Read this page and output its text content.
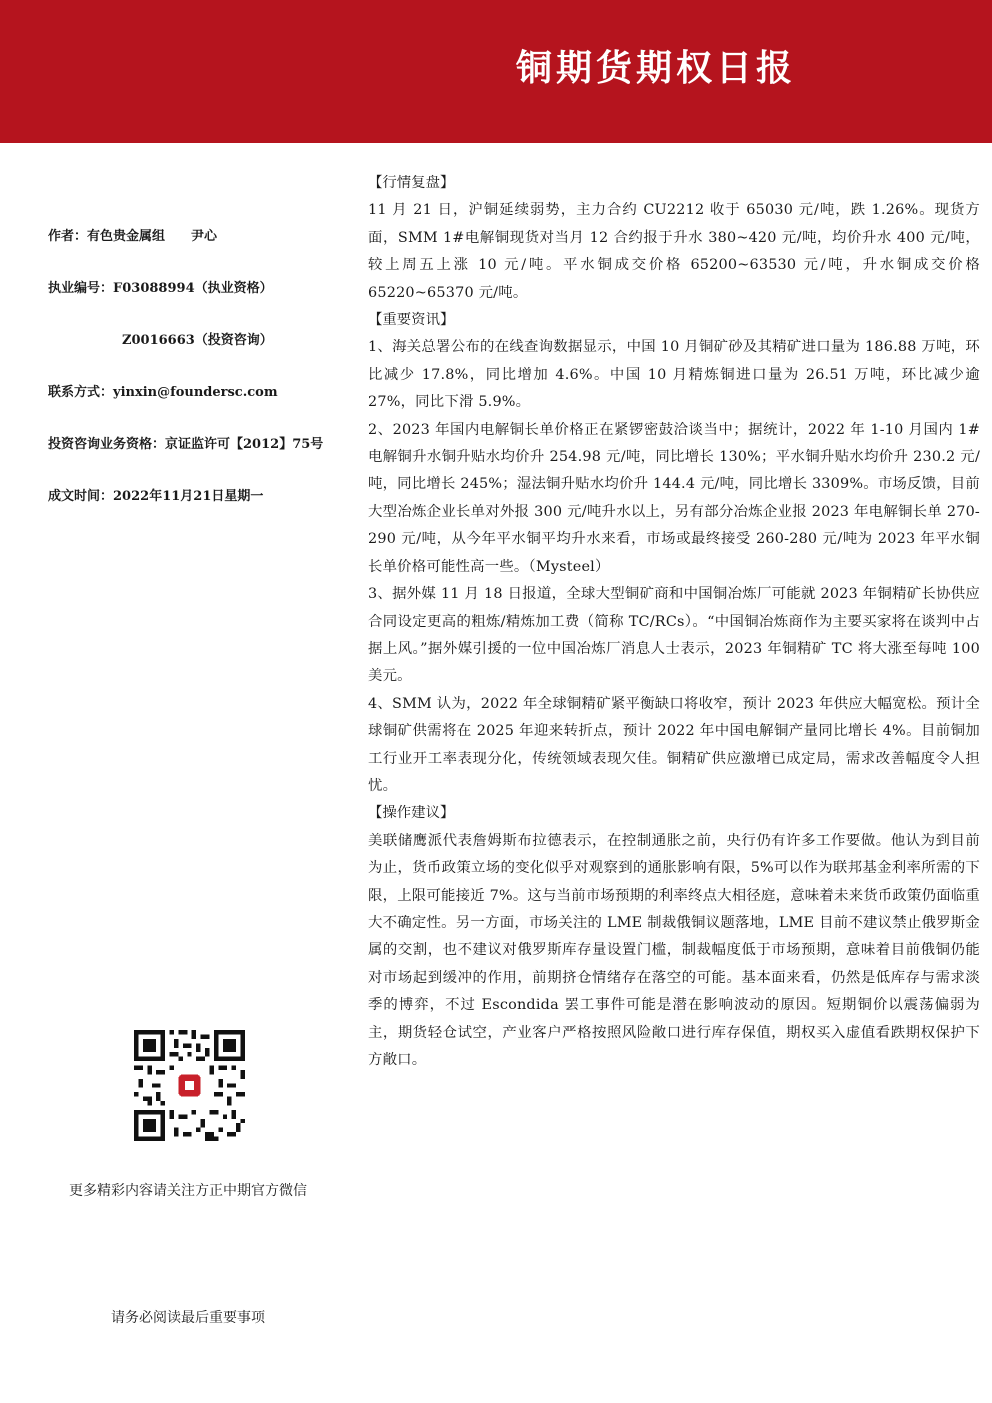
铜期货期权日报
作者：有色贵金属组　　尹心
执业编号：F03088994（执业资格）
Z0016663（投资咨询）
联系方式：yinxin@foundersc.com
投资咨询业务资格：京证监许可【2012】75号
成文时间：2022年11月21日星期一
更多精彩内容请关注方正中期官方微信
请务必阅读最后重要事项
【行情复盘】

11 月 21 日，沪铜延续弱势，主力合约 CU2212 收于 65030 元/吨，跌 1.26%。现货方面，SMM 1#电解铜现货对当月 12 合约报于升水 380~420 元/吨，均价升水 400 元/吨，较上周五上涨 10 元/吨。平水铜成交价格 65200~63530 元/吨，升水铜成交价格 65220~65370 元/吨。

【重要资讯】

1、海关总署公布的在线查询数据显示，中国 10 月铜矿砂及其精矿进口量为 186.88 万吨，环比减少 17.8%，同比增加 4.6%。中国 10 月精炼铜进口量为 26.51 万吨，环比减少逾 27%，同比下滑 5.9%。

2、2023 年国内电解铜长单价格正在紧锣密鼓洽谈当中；据统计，2022 年 1-10 月国内 1#电解铜升水铜升贴水均价升 254.98 元/吨，同比增长 130%；平水铜升贴水均价升 230.2 元/吨，同比增长 245%；湿法铜升贴水均价升 144.4 元/吨，同比增长 3309%。市场反馈，目前大型冶炼企业长单对外报 300 元/吨升水以上，另有部分冶炼企业报 2023 年电解铜长单 270-290 元/吨，从今年平水铜平均升水来看，市场或最终接受 260-280 元/吨为 2023 年平水铜长单价格可能性高一些。（Mysteel）

3、据外媒 11 月 18 日报道，全球大型铜矿商和中国铜冶炼厂可能就 2023 年铜精矿长协供应合同设定更高的粗炼/精炼加工费（简称 TC/RCs）。“中国铜冶炼商作为主要买家将在谈判中占据上风。”据外媒引援的一位中国冶炼厂消息人士表示，2023 年铜精矿 TC 将大涨至每吨 100 美元。

4、SMM 认为，2022 年全球铜精矿紧平衡缺口将收窄，预计 2023 年供应大幅宽松。预计全球铜矿供需将在 2025 年迎来转折点，预计 2022 年中国电解铜产量同比增长 4%。目前铜加工行业开工率表现分化，传统领域表现欠佳。铜精矿供应激增已成定局，需求改善幅度令人担忧。

【操作建议】

美联储鹰派代表詹姆斯布拉德表示，在控制通胀之前，央行仍有许多工作要做。他认为到目前为止，货币政策立场的变化似乎对观察到的通胀影响有限，5%可以作为联邦基金利率所需的下限，上限可能接近 7%。这与当前市场预期的利率终点大相径庭，意味着未来货币政策仍面临重大不确定性。另一方面，市场关注的 LME 制裁俄铜议题落地，LME 目前不建议禁止俄罗斯金属的交割，也不建议对俄罗斯库存量设置门槛，制裁幅度低于市场预期，意味着目前俄铜仍能对市场起到缓冲的作用，前期挤仓情绪存在落空的可能。基本面来看，仍然是低库存与需求淡季的博弈，不过 Escondida 罢工事件可能是潜在影响波动的原因。短期铜价以震荡偏弱为主，期货轻仓试空，产业客户严格按照风险敞口进行库存保值，期权买入虚值看跌期权保护下方敞口。
